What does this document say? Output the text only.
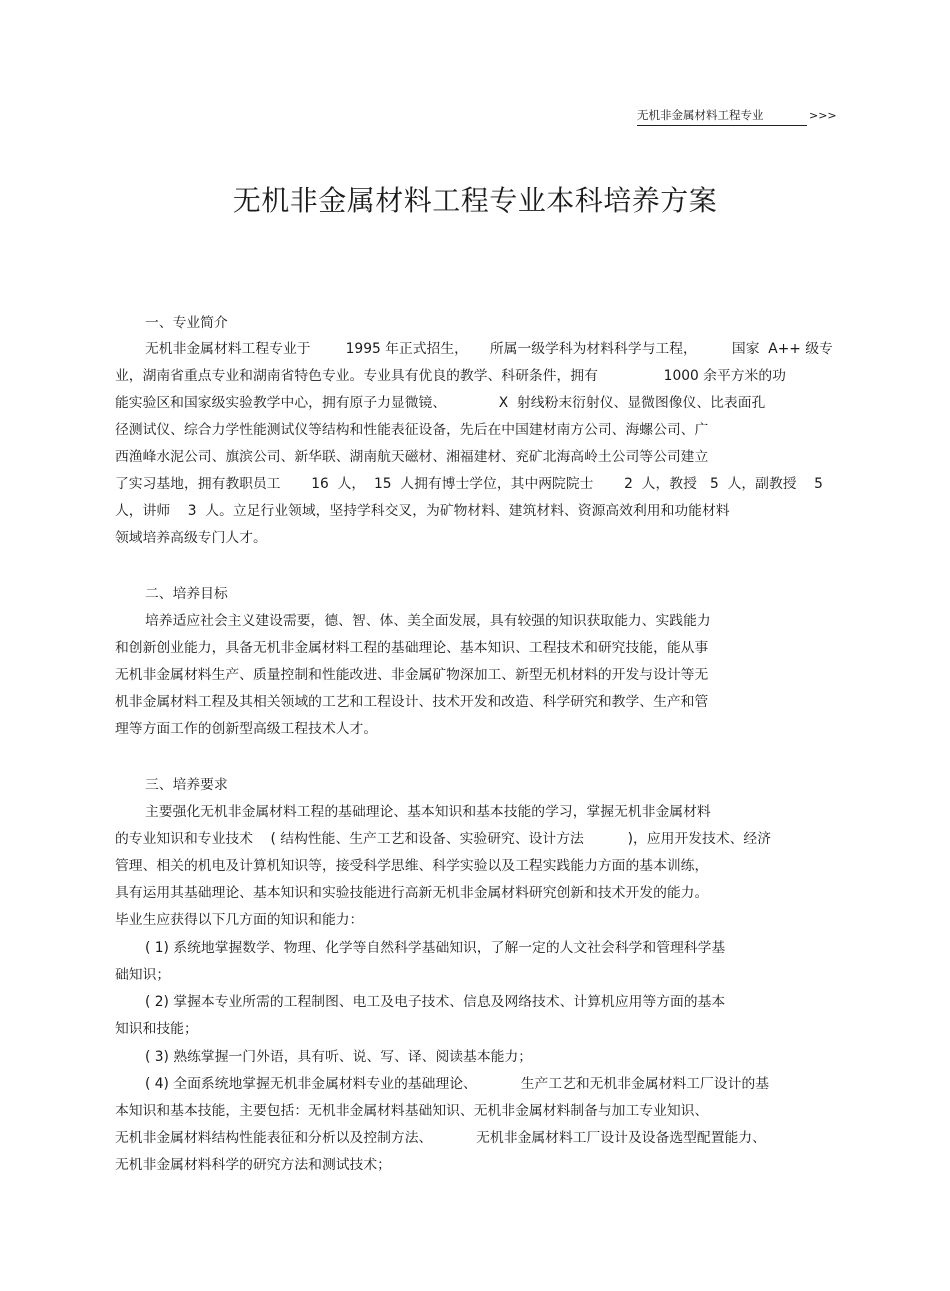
无机非金属材料工程专业	>>>
无机非金属材料工程专业本科培养方案
一、专业简介
无机非金属材料工程专业于        1995 年正式招生，     所属一级学科为材料科学与工程，        国家  A++ 级专
业，湖南省重点专业和湖南省特色专业。专业具有优良的教学、科研条件，拥有               1000 余平方米的功
能实验区和国家级实验教学中心，拥有原子力显微镜、            X  射线粉末衍射仪、显微图像仪、比表面孔
径测试仪、综合力学性能测试仪等结构和性能表征设备，先后在中国建材南方公司、海螺公司、广
西渔峰水泥公司、旗滨公司、新华联、湖南航天磁材、湘福建材、兖矿北海高岭土公司等公司建立
了实习基地，拥有教职员工       16  人，  15  人拥有博士学位，其中两院院士       2  人，教授   5  人，副教授    5
人，讲师    3  人。立足行业领域，坚持学科交叉，为矿物材料、建筑材料、资源高效利用和功能材料
领域培养高级专门人才。
二、培养目标
培养适应社会主义建设需要，德、智、体、美全面发展，具有较强的知识获取能力、实践能力
和创新创业能力，具备无机非金属材料工程的基础理论、基本知识、工程技术和研究技能，能从事
无机非金属材料生产、质量控制和性能改进、非金属矿物深加工、新型无机材料的开发与设计等无
机非金属材料工程及其相关领域的工艺和工程设计、技术开发和改造、科学研究和教学、生产和管
理等方面工作的创新型高级工程技术人才。
三、培养要求
主要强化无机非金属材料工程的基础理论、基本知识和基本技能的学习，掌握无机非金属材料
的专业知识和专业技术    ( 结构性能、生产工艺和设备、实验研究、设计方法          )，应用开发技术、经济
管理、相关的机电及计算机知识等，接受科学思维、科学实验以及工程实践能力方面的基本训练，
具有运用其基础理论、基本知识和实验技能进行高新无机非金属材料研究创新和技术开发的能力。
毕业生应获得以下几方面的知识和能力：
( 1) 系统地掌握数学、物理、化学等自然科学基础知识，了解一定的人文社会科学和管理科学基
础知识；
( 2) 掌握本专业所需的工程制图、电工及电子技术、信息及网络技术、计算机应用等方面的基本
知识和技能；
( 3) 熟练掌握一门外语，具有听、说、写、译、阅读基本能力；
( 4) 全面系统地掌握无机非金属材料专业的基础理论、          生产工艺和无机非金属材料工厂设计的基
本知识和基本技能，主要包括：无机非金属材料基础知识、无机非金属材料制备与加工专业知识、
无机非金属材料结构性能表征和分析以及控制方法、          无机非金属材料工厂设计及设备选型配置能力、
无机非金属材料科学的研究方法和测试技术；
